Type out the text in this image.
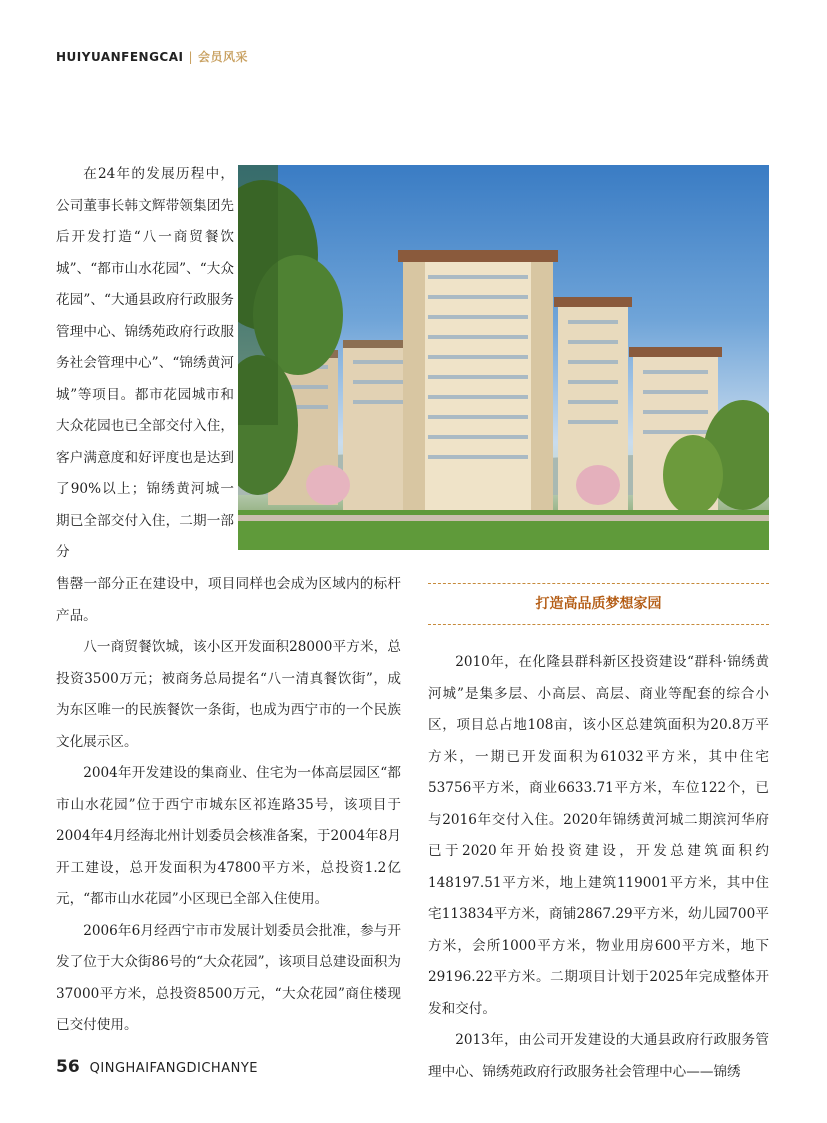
HUIYUANFENGCAI | 会员风采

在24年的发展历程中，公司董事长韩文辉带领集团先后开发打造“八一商贸餐饮城”、“都市山水花园”、“大众花园”、“大通县政府行政服务管理中心、锦绣苑政府行政服务社会管理中心”、“锦绣黄河城”等项目。都市花园城市和大众花园也已全部交付入住，客户满意度和好评度也是达到了90%以上；锦绣黄河城一期已全部交付入住，二期一部分

售罄一部分正在建设中，项目同样也会成为区域内的标杆产品。

八一商贸餐饮城，该小区开发面积28000平方米，总投资3500万元；被商务总局提名“八一清真餐饮街”，成为东区唯一的民族餐饮一条街，也成为西宁市的一个民族文化展示区。

2004年开发建设的集商业、住宅为一体高层园区“都市山水花园”位于西宁市城东区祁连路35号，该项目于2004年4月经海北州计划委员会核准备案，于2004年8月开工建设，总开发面积为47800平方米，总投资1.2亿元，“都市山水花园”小区现已全部入住使用。

2006年6月经西宁市市发展计划委员会批准，参与开发了位于大众街86号的“大众花园”，该项目总建设面积为37000平方米，总投资8500万元，“大众花园”商住楼现已交付使用。

打造高品质梦想家园

2010年，在化隆县群科新区投资建设“群科·锦绣黄河城”是集多层、小高层、高层、商业等配套的综合小区，项目总占地108亩，该小区总建筑面积为20.8万平方米，一期已开发面积为61032平方米，其中住宅53756平方米，商业6633.71平方米，车位122个，已与2016年交付入住。2020年锦绣黄河城二期滨河华府已于2020年开始投资建设，开发总建筑面积约148197.51平方米，地上建筑119001平方米，其中住宅113834平方米，商铺2867.29平方米，幼儿园700平方米，会所1000平方米，物业用房600平方米，地下29196.22平方米。二期项目计划于2025年完成整体开发和交付。

2013年，由公司开发建设的大通县政府行政服务管理中心、锦绣苑政府行政服务社会管理中心——锦绣

56 QINGHAIFANGDICHANYE
